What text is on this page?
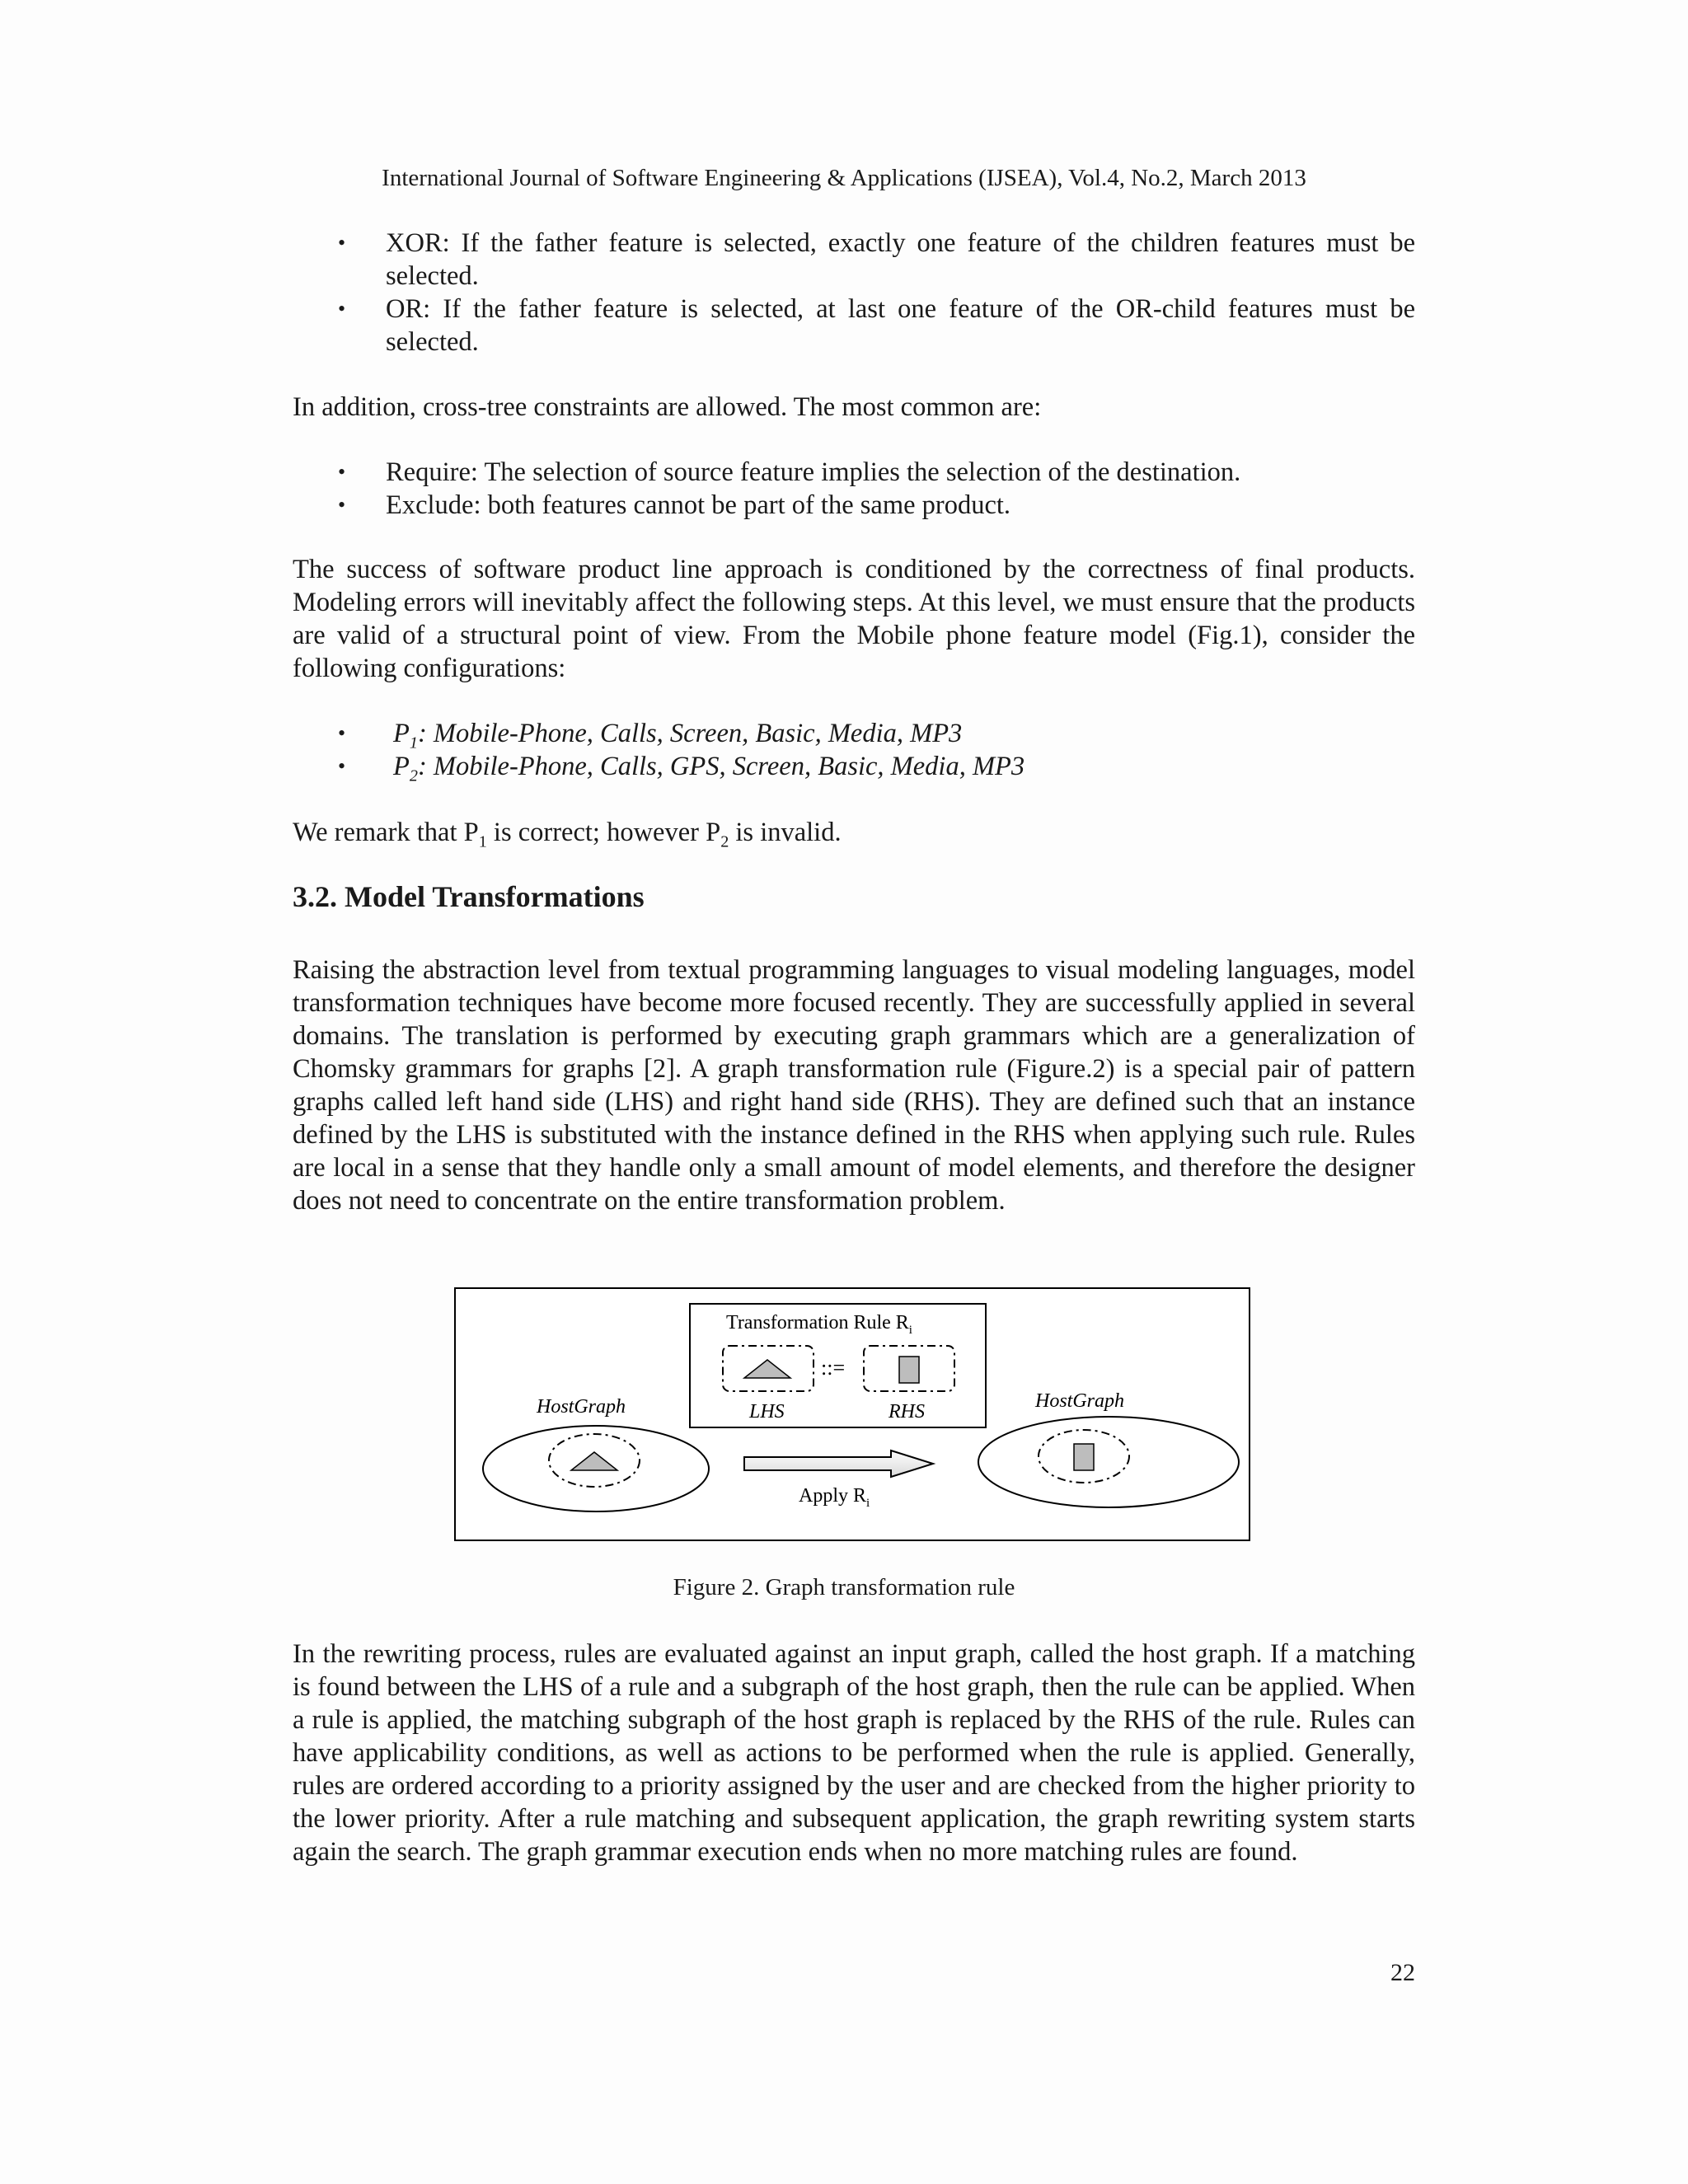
International Journal of Software Engineering & Applications (IJSEA), Vol.4, No.2, March 2013
• XOR: If the father feature is selected, exactly one feature of the children features must be selected.
• OR: If the father feature is selected, at last one feature of the OR-child features must be selected.

In addition, cross-tree constraints are allowed. The most common are:

• Require: The selection of source feature implies the selection of the destination.
• Exclude: both features cannot be part of the same product.

The success of software product line approach is conditioned by the correctness of final products. Modeling errors will inevitably affect the following steps. At this level, we must ensure that the products are valid of a structural point of view. From the Mobile phone feature model (Fig.1), consider the following configurations:

• $P_1$: Mobile-Phone, Calls, Screen, Basic, Media, MP3
• $P_2$: Mobile-Phone, Calls, GPS, Screen, Basic, Media, MP3

We remark that $P_1$ is correct; however $P_2$ is invalid.

3.2. Model Transformations

Raising the abstraction level from textual programming languages to visual modeling languages, model transformation techniques have become more focused recently. They are successfully applied in several domains. The translation is performed by executing graph grammars which are a generalization of Chomsky grammars for graphs [2]. A graph transformation rule (Figure.2) is a special pair of pattern graphs called left hand side (LHS) and right hand side (RHS). They are defined such that an instance defined by the LHS is substituted with the instance defined in the RHS when applying such rule. Rules are local in a sense that they handle only a small amount of model elements, and therefore the designer does not need to concentrate on the entire transformation problem.

Transformation Rule $R_i$
::=
LHS	RHS
HostGraph	HostGraph
Apply $R_i$
Figure 2. Graph transformation rule

In the rewriting process, rules are evaluated against an input graph, called the host graph. If a matching is found between the LHS of a rule and a subgraph of the host graph, then the rule can be applied. When a rule is applied, the matching subgraph of the host graph is replaced by the RHS of the rule. Rules can have applicability conditions, as well as actions to be performed when the rule is applied. Generally, rules are ordered according to a priority assigned by the user and are checked from the higher priority to the lower priority. After a rule matching and subsequent application, the graph rewriting system starts again the search. The graph grammar execution ends when no more matching rules are found.

22
